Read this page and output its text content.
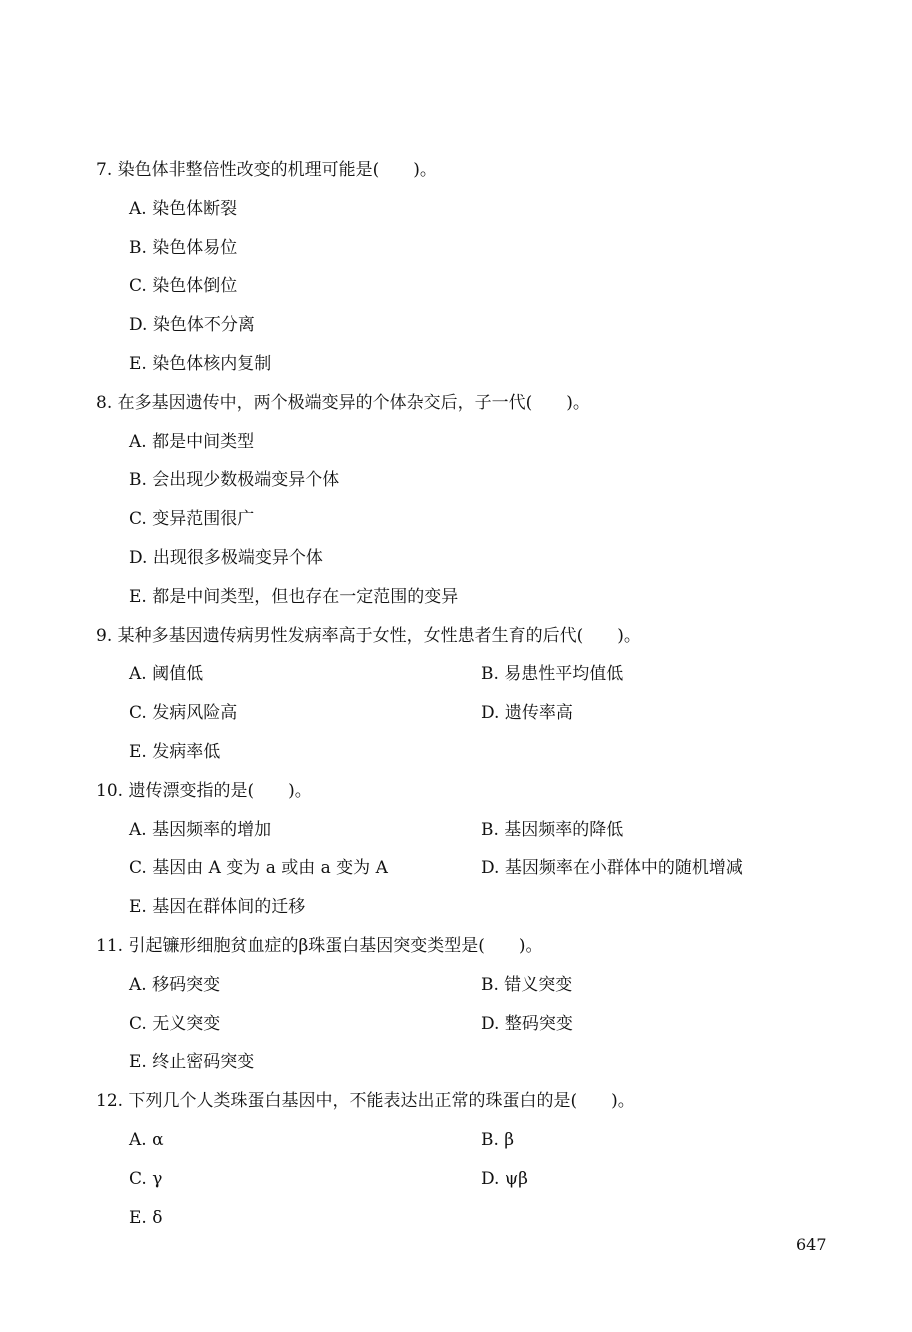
7. 染色体非整倍性改变的机理可能是(　　)。
A. 染色体断裂
B. 染色体易位
C. 染色体倒位
D. 染色体不分离
E. 染色体核内复制
8. 在多基因遗传中，两个极端变异的个体杂交后，子一代(　　)。
A. 都是中间类型
B. 会出现少数极端变异个体
C. 变异范围很广
D. 出现很多极端变异个体
E. 都是中间类型，但也存在一定范围的变异
9. 某种多基因遗传病男性发病率高于女性，女性患者生育的后代(　　)。
A. 阈值低	B. 易患性平均值低
C. 发病风险高	D. 遗传率高
E. 发病率低
10. 遗传漂变指的是(　　)。
A. 基因频率的增加	B. 基因频率的降低
C. 基因由 A 变为 a 或由 a 变为 A	D. 基因频率在小群体中的随机增减
E. 基因在群体间的迁移
11. 引起镰形细胞贫血症的β珠蛋白基因突变类型是(　　)。
A. 移码突变	B. 错义突变
C. 无义突变	D. 整码突变
E. 终止密码突变
12. 下列几个人类珠蛋白基因中，不能表达出正常的珠蛋白的是(　　)。
A. α	B. β
C. γ	D. ψβ
E. δ
647
